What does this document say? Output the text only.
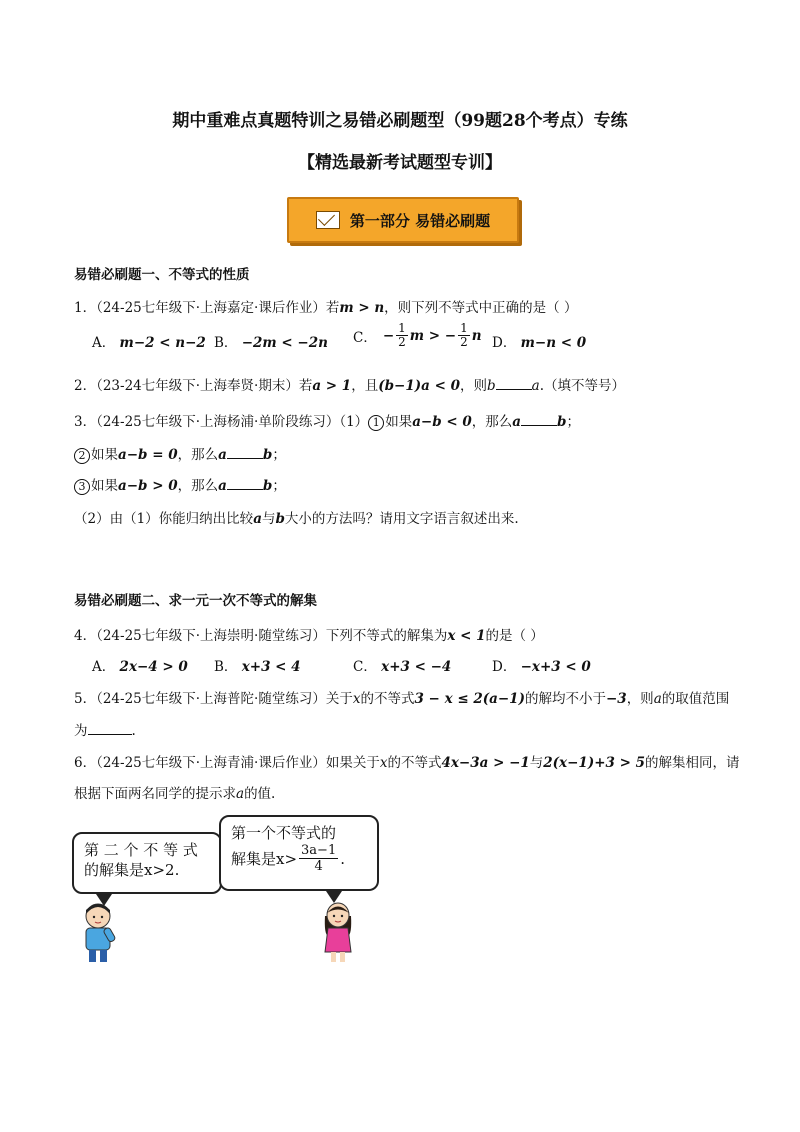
期中重难点真题特训之易错必刷题型（99题28个考点）专练
【精选最新考试题型专训】
第一部分 易错必刷题
易错必刷题一、不等式的性质
1．（24-25七年级下·上海嘉定·课后作业）若m > n，则下列不等式中正确的是（ ）
A． m−2 < n−2 B． −2m < −2n C． − $\frac{1}{2}$ m > − $\frac{1}{2}$ n D． m−n < 0
2．（23-24七年级下·上海奉贤·期末）若a > 1，且(b−1)a < 0，则b	a.（填不等号）
3．（24-25七年级下·上海杨浦·单阶段练习）（1） 1 如果a−b < 0，那么a	b；
2 如果a−b = 0，那么a	b；
3 如果a−b > 0，那么a	b；
（2）由（1）你能归纳出比较a与b大小的方法吗？请用文字语言叙述出来.
易错必刷题二、求一元一次不等式的解集
4．（24-25七年级下·上海崇明·随堂练习）下列不等式的解集为x < 1的是（ ）
A． 2x−4 > 0 B． x+3 < 4	C． x+3 < −4	D． −x+3 < 0
5．（24-25七年级下·上海普陀·随堂练习）关于x的不等式3 − x ≤ 2(a−1)的解均不小于−3，则a的取值范围
为	.
6．（24-25七年级下·上海青浦·课后作业）如果关于x的不等式4x−3a > −1与2(x−1)+3 > 5的解集相同，请
根据下面两名同学的提示求a的值.
第 二 个 不 等 式
的解集是x>2.
第一个不等式的
解集是$x> \frac{3a-1}{4}$ .
